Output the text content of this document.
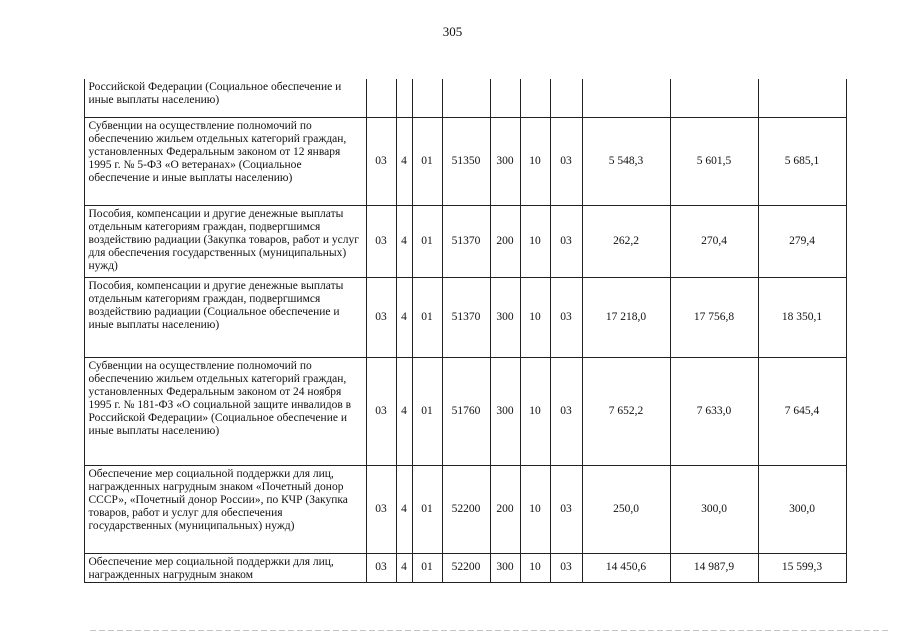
305
	Российской Федерации (Социальное обеспечение и иные выплаты населению)										
	Субвенции на осуществление полномочий по обеспечению жильем отдельных категорий граждан, установленных Федеральным законом от 12 января 1995 г. № 5-ФЗ «О ветеранах» (Социальное обеспечение и иные выплаты населению)	03	4	01	51350	300	10	03	5 548,3	5 601,5	5 685,1
	Пособия, компенсации и другие денежные выплаты отдельным категориям граждан, подвергшимся воздействию радиации (Закупка товаров, работ и услуг для обеспечения государственных (муниципальных) нужд)	03	4	01	51370	200	10	03	262,2	270,4	279,4
	Пособия, компенсации и другие денежные выплаты отдельным категориям граждан, подвергшимся воздействию радиации (Социальное обеспечение и иные выплаты населению)	03	4	01	51370	300	10	03	17 218,0	17 756,8	18 350,1
	Субвенции на осуществление полномочий по обеспечению жильем отдельных категорий граждан, установленных Федеральным законом от 24 ноября 1995 г. № 181-ФЗ «О социальной защите инвалидов в Российской Федерации» (Социальное обеспечение и иные выплаты населению)	03	4	01	51760	300	10	03	7 652,2	7 633,0	7 645,4
	Обеспечение мер социальной поддержки для лиц, награжденных нагрудным знаком «Почетный донор СССР», «Почетный донор России», по КЧР (Закупка товаров, работ и услуг для обеспечения государственных (муниципальных) нужд)	03	4	01	52200	200	10	03	250,0	300,0	300,0
	Обеспечение мер социальной поддержки для лиц, награжденных нагрудным знаком	03	4	01	52200	300	10	03	14 450,6	14 987,9	15 599,3
